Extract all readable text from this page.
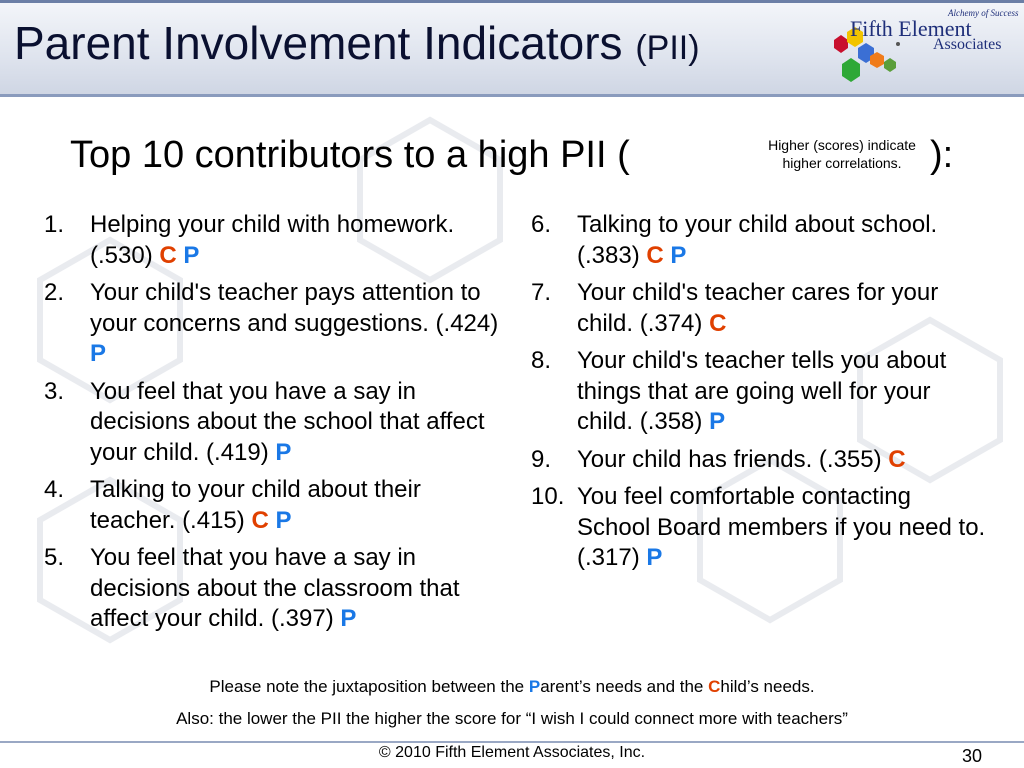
Parent Involvement Indicators (PII)
Alchemy of Success
Fifth Element
Associates
Top 10 contributors to a high PII (	Higher (scores) indicate higher correlations. ):
1.	Helping your child with homework. (.530) C P
2.	Your child's teacher pays attention to your concerns and suggestions. (.424) P
3.	You feel that you have a say in decisions about the school that affect your child. (.419) P
4.	Talking to your child about their teacher. (.415) C P
5.	You feel that you have a say in decisions about the classroom that affect your child. (.397) P
6.	Talking to your child about school. (.383) C P
7.	Your child's teacher cares for your child. (.374) C
8.	Your child's teacher tells you about things that are going well for your child. (.358) P
9.	Your child has friends. (.355) C
10. You feel comfortable contacting School Board members if you need to. (.317) P
Please note the juxtaposition between the Parent’s needs and the Child’s needs.
Also: the lower the PII the higher the score for “I wish I could connect more with teachers”
© 2010 Fifth Element Associates, Inc.	30
